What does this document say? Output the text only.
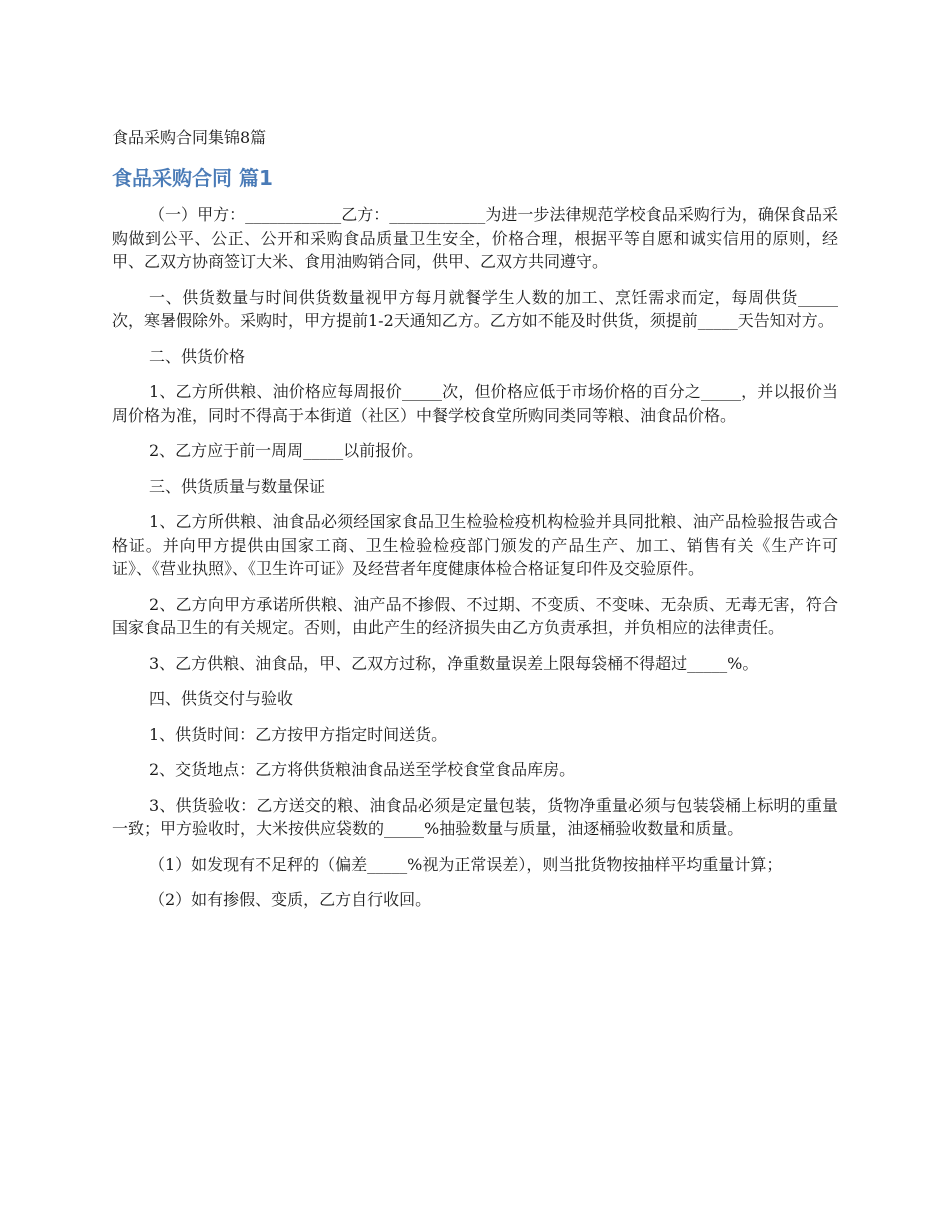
食品采购合同集锦8篇
食品采购合同 篇1

（一）甲方：____________乙方：____________为进一步法律规范学校食品采购行为，确保食品采购做到公平、公正、公开和采购食品质量卫生安全，价格合理，根据平等自愿和诚实信用的原则，经甲、乙双方协商签订大米、食用油购销合同，供甲、乙双方共同遵守。

一、供货数量与时间供货数量视甲方每月就餐学生人数的加工、烹饪需求而定，每周供货_____次，寒暑假除外。采购时，甲方提前1-2天通知乙方。乙方如不能及时供货，须提前_____天告知对方。

二、供货价格

1、乙方所供粮、油价格应每周报价_____次，但价格应低于市场价格的百分之_____，并以报价当周价格为准，同时不得高于本街道（社区）中餐学校食堂所购同类同等粮、油食品价格。

2、乙方应于前一周周_____以前报价。

三、供货质量与数量保证

1、乙方所供粮、油食品必须经国家食品卫生检验检疫机构检验并具同批粮、油产品检验报告或合格证。并向甲方提供由国家工商、卫生检验检疫部门颁发的产品生产、加工、销售有关《生产许可证》、《营业执照》、《卫生许可证》及经营者年度健康体检合格证复印件及交验原件。

2、乙方向甲方承诺所供粮、油产品不掺假、不过期、不变质、不变味、无杂质、无毒无害，符合国家食品卫生的有关规定。否则，由此产生的经济损失由乙方负责承担，并负相应的法律责任。

3、乙方供粮、油食品，甲、乙双方过称，净重数量误差上限每袋桶不得超过_____%。

四、供货交付与验收

1、供货时间：乙方按甲方指定时间送货。

2、交货地点：乙方将供货粮油食品送至学校食堂食品库房。

3、供货验收：乙方送交的粮、油食品必须是定量包装，货物净重量必须与包装袋桶上标明的重量一致；甲方验收时，大米按供应袋数的_____%抽验数量与质量，油逐桶验收数量和质量。

（1）如发现有不足秤的（偏差_____%视为正常误差），则当批货物按抽样平均重量计算；

（2）如有掺假、变质，乙方自行收回。
